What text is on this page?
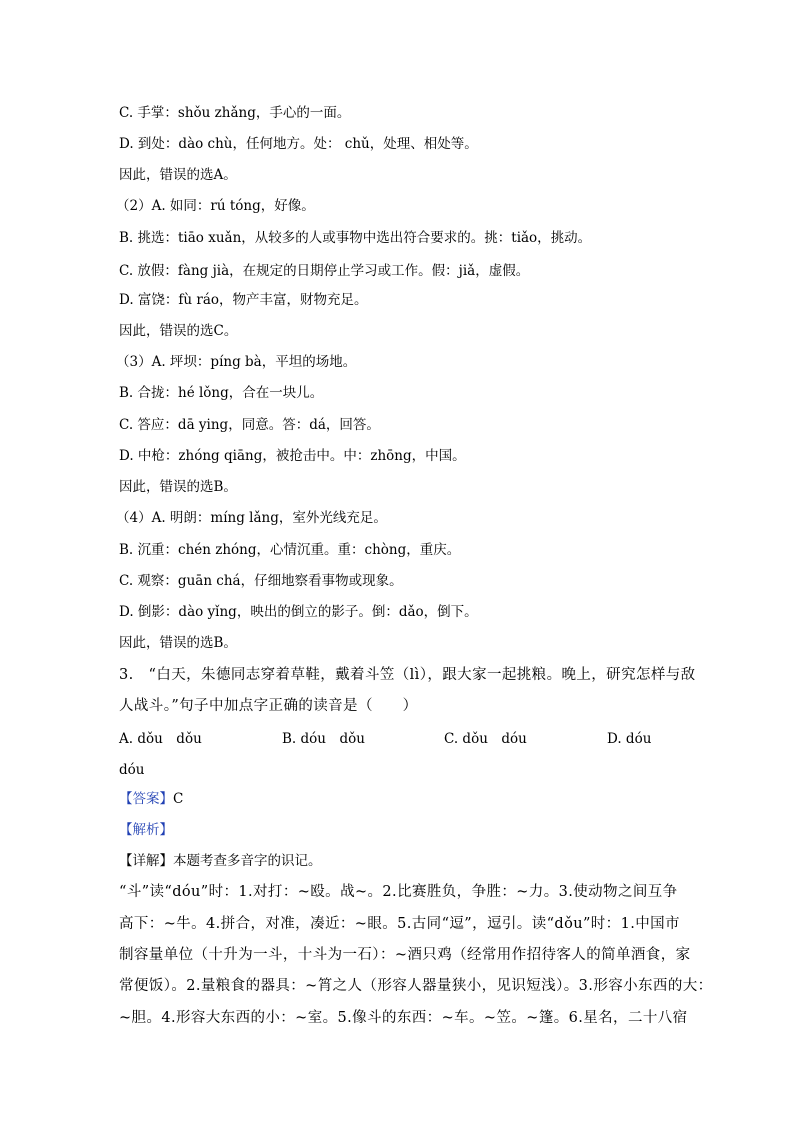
C. 手掌：shǒu zhǎng，手心的一面。
D. 到处：dào chù，任何地方。处： chǔ，处理、相处等。
因此，错误的选A。
（2）A. 如同：rú tóng，好像。
B. 挑选：tiāo xuǎn，从较多的人或事物中选出符合要求的。挑：tiǎo，挑动。
C. 放假：fàng jià，在规定的日期停止学习或工作。假：jiǎ，虚假。
D. 富饶：fù ráo，物产丰富，财物充足。
因此，错误的选C。
（3）A. 坪坝：píng bà，平坦的场地。
B. 合拢：hé lǒng，合在一块儿。
C. 答应：dā ying，同意。答：dá，回答。
D. 中枪：zhóng qiāng，被抢击中。中：zhōng，中国。
因此，错误的选B。
（4）A. 明朗：míng lǎng，室外光线充足。
B. 沉重：chén zhóng，心情沉重。重：chòng，重庆。
C. 观察：guān chá，仔细地察看事物或现象。
D. 倒影：dào yǐng，映出的倒立的影子。倒：dǎo，倒下。
因此，错误的选B。
3.　“白天，朱德同志穿着草鞋，戴着斗笠（lì），跟大家一起挑粮。晚上，研究怎样与敌
人战斗。”句子中加点字正确的读音是（　　）
A. dǒu　dǒu	B. dóu　dǒu	C. dǒu　dóu	D. dóu
dóu
【答案】C
【解析】
【详解】本题考查多音字的识记。
“斗”读“dóu”时：1.对打：~殴。战~。2.比赛胜负，争胜：~力。3.使动物之间互争
高下：~牛。4.拼合，对准，凑近：~眼。5.古同“逗”，逗引。读“dǒu”时：1.中国市
制容量单位（十升为一斗，十斗为一石）：~酒只鸡（经常用作招待客人的简单酒食，家
常便饭）。2.量粮食的器具：~筲之人（形容人器量狭小，见识短浅）。3.形容小东西的大：
~胆。4.形容大东西的小：~室。5.像斗的东西：~车。~笠。~篷。6.星名，二十八宿
